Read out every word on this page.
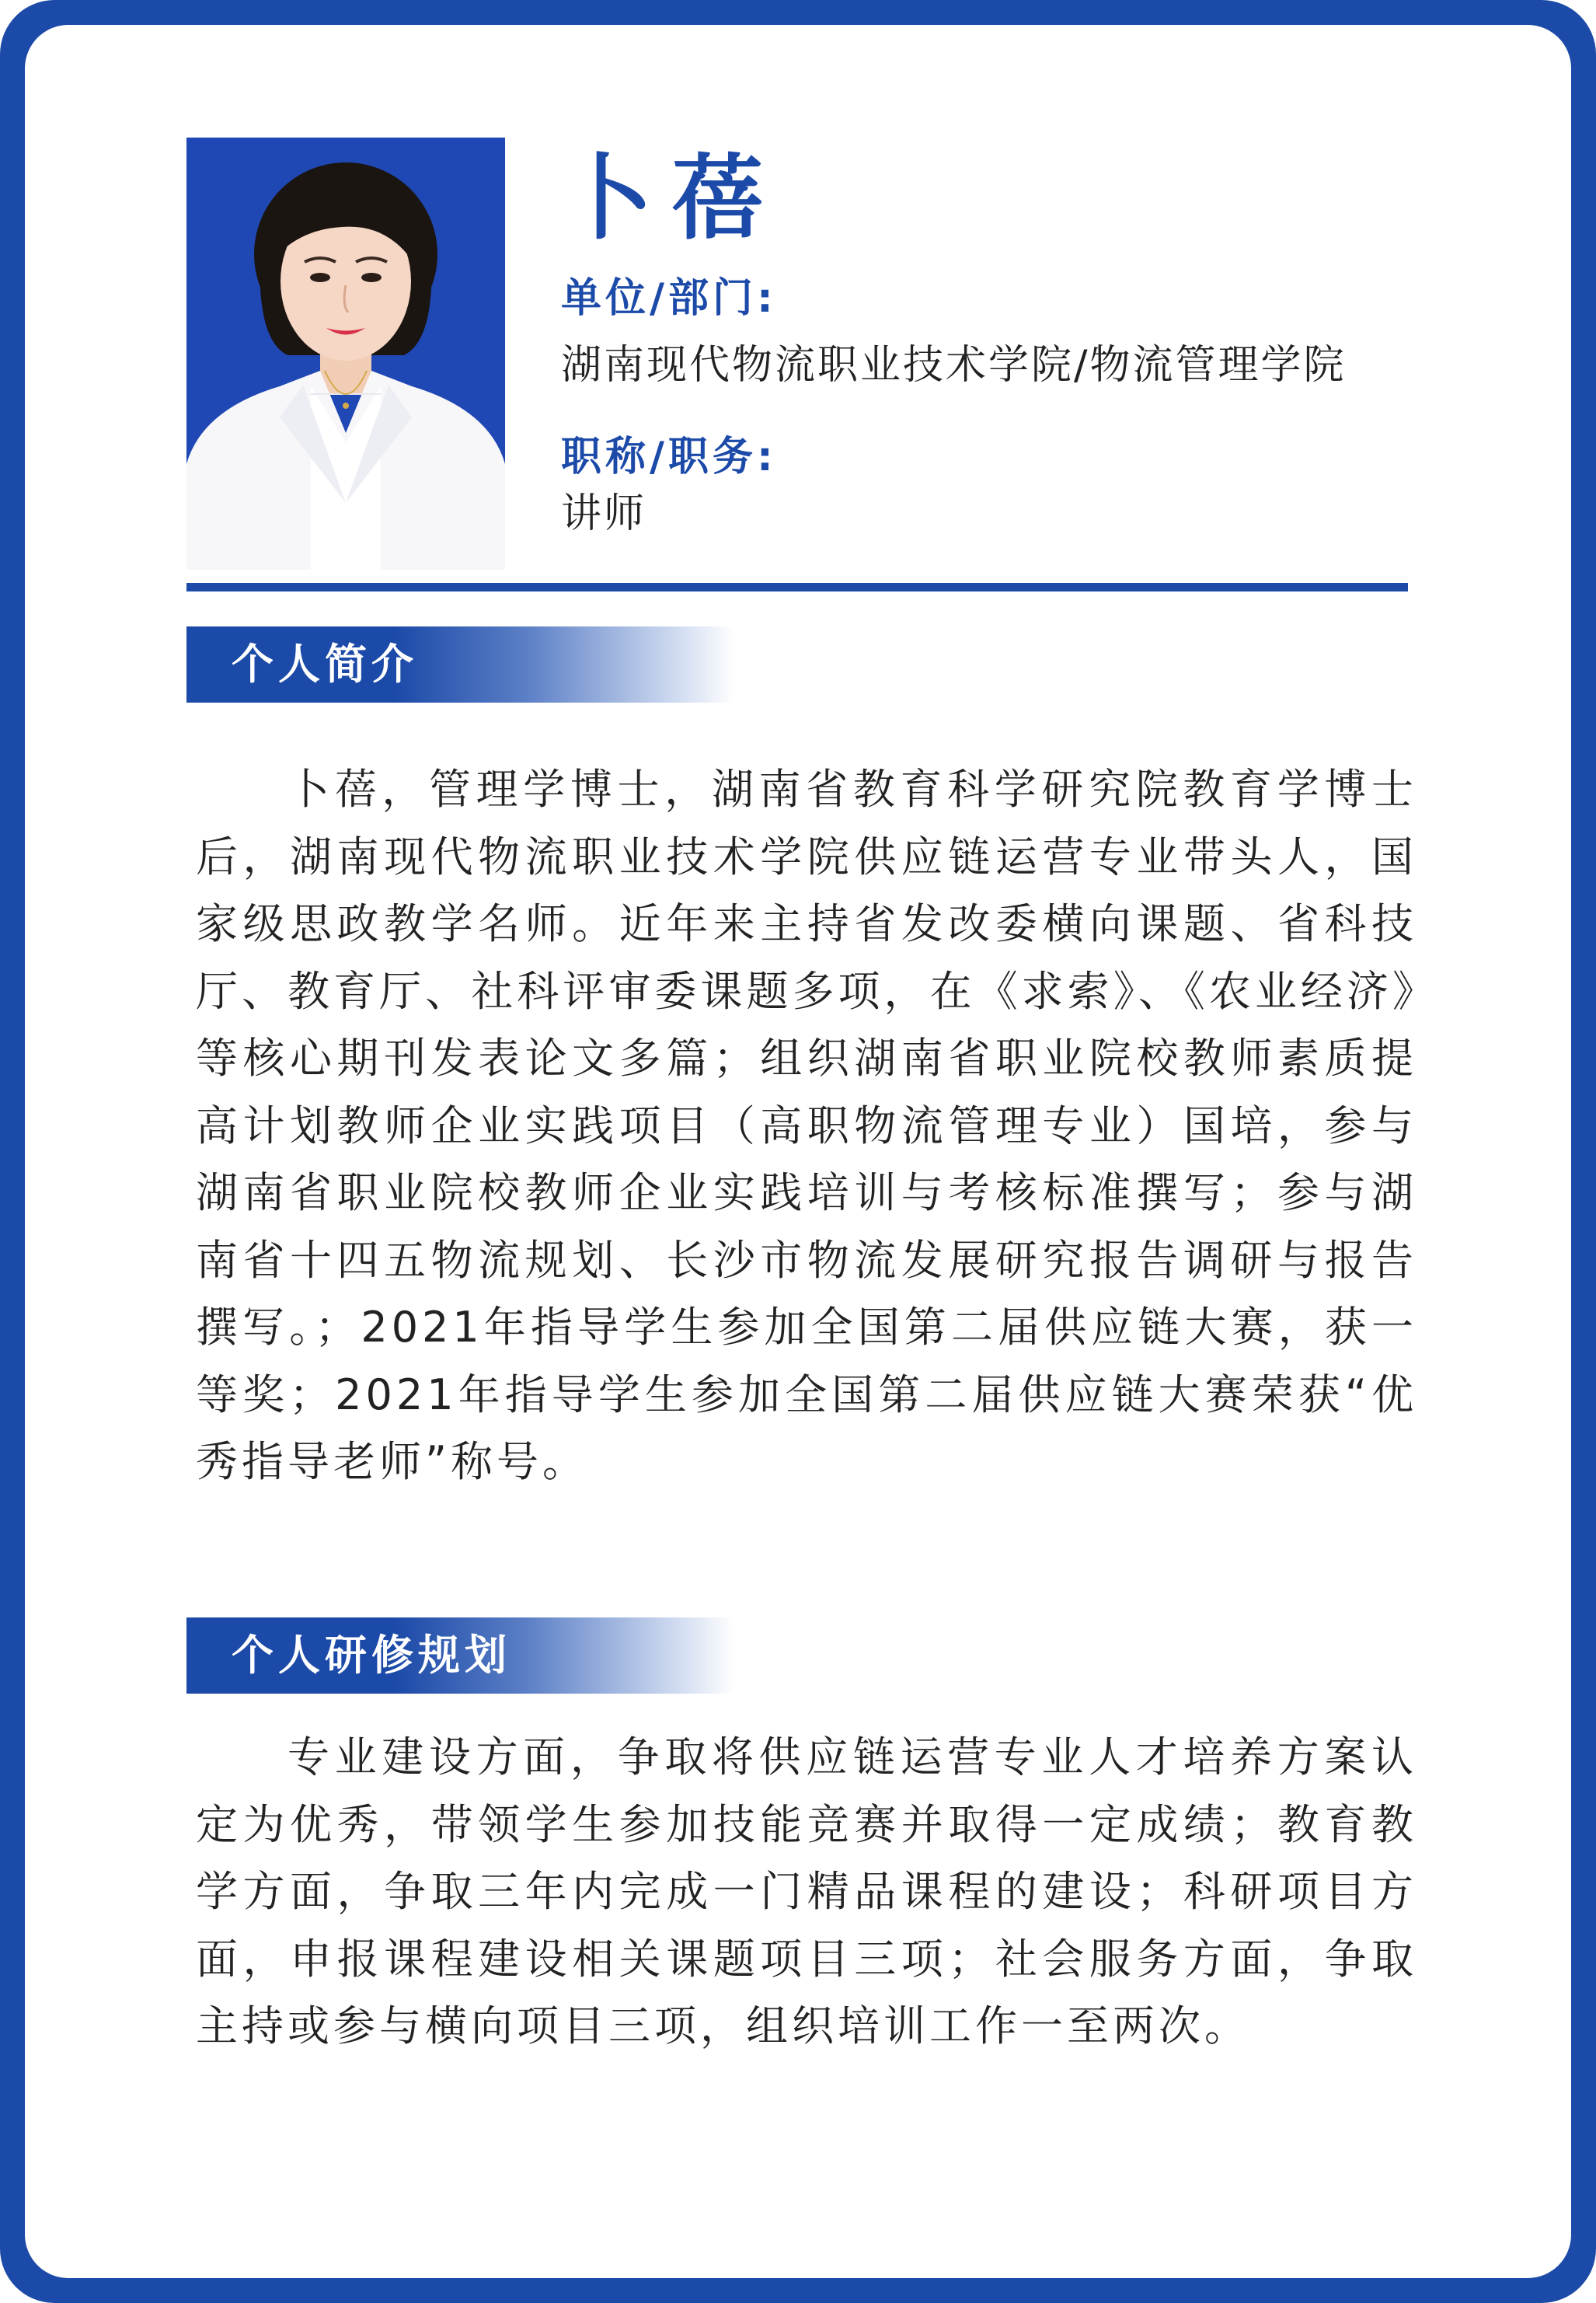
卜蓓
单位/部门:
湖南现代物流职业技术学院/物流管理学院
职称/职务:
讲师
个人简介

卜蓓，管理学博士，湖南省教育科学研究院教育学博士后，湖南现代物流职业技术学院供应链运营专业带头人，国家级思政教学名师。近年来主持省发改委横向课题、省科技厅、教育厅、社科评审委课题多项，在《求索》、《农业经济》等核心期刊发表论文多篇；组织湖南省职业院校教师素质提高计划教师企业实践项目（高职物流管理专业）国培，参与湖南省职业院校教师企业实践培训与考核标准撰写；参与湖南省十四五物流规划、长沙市物流发展研究报告调研与报告撰写。；2021年指导学生参加全国第二届供应链大赛，获一等奖；2021年指导学生参加全国第二届供应链大赛荣获“优秀指导老师”称号。

个人研修规划

专业建设方面，争取将供应链运营专业人才培养方案认定为优秀，带领学生参加技能竞赛并取得一定成绩；教育教学方面，争取三年内完成一门精品课程的建设；科研项目方面，申报课程建设相关课题项目三项；社会服务方面，争取主持或参与横向项目三项，组织培训工作一至两次。
